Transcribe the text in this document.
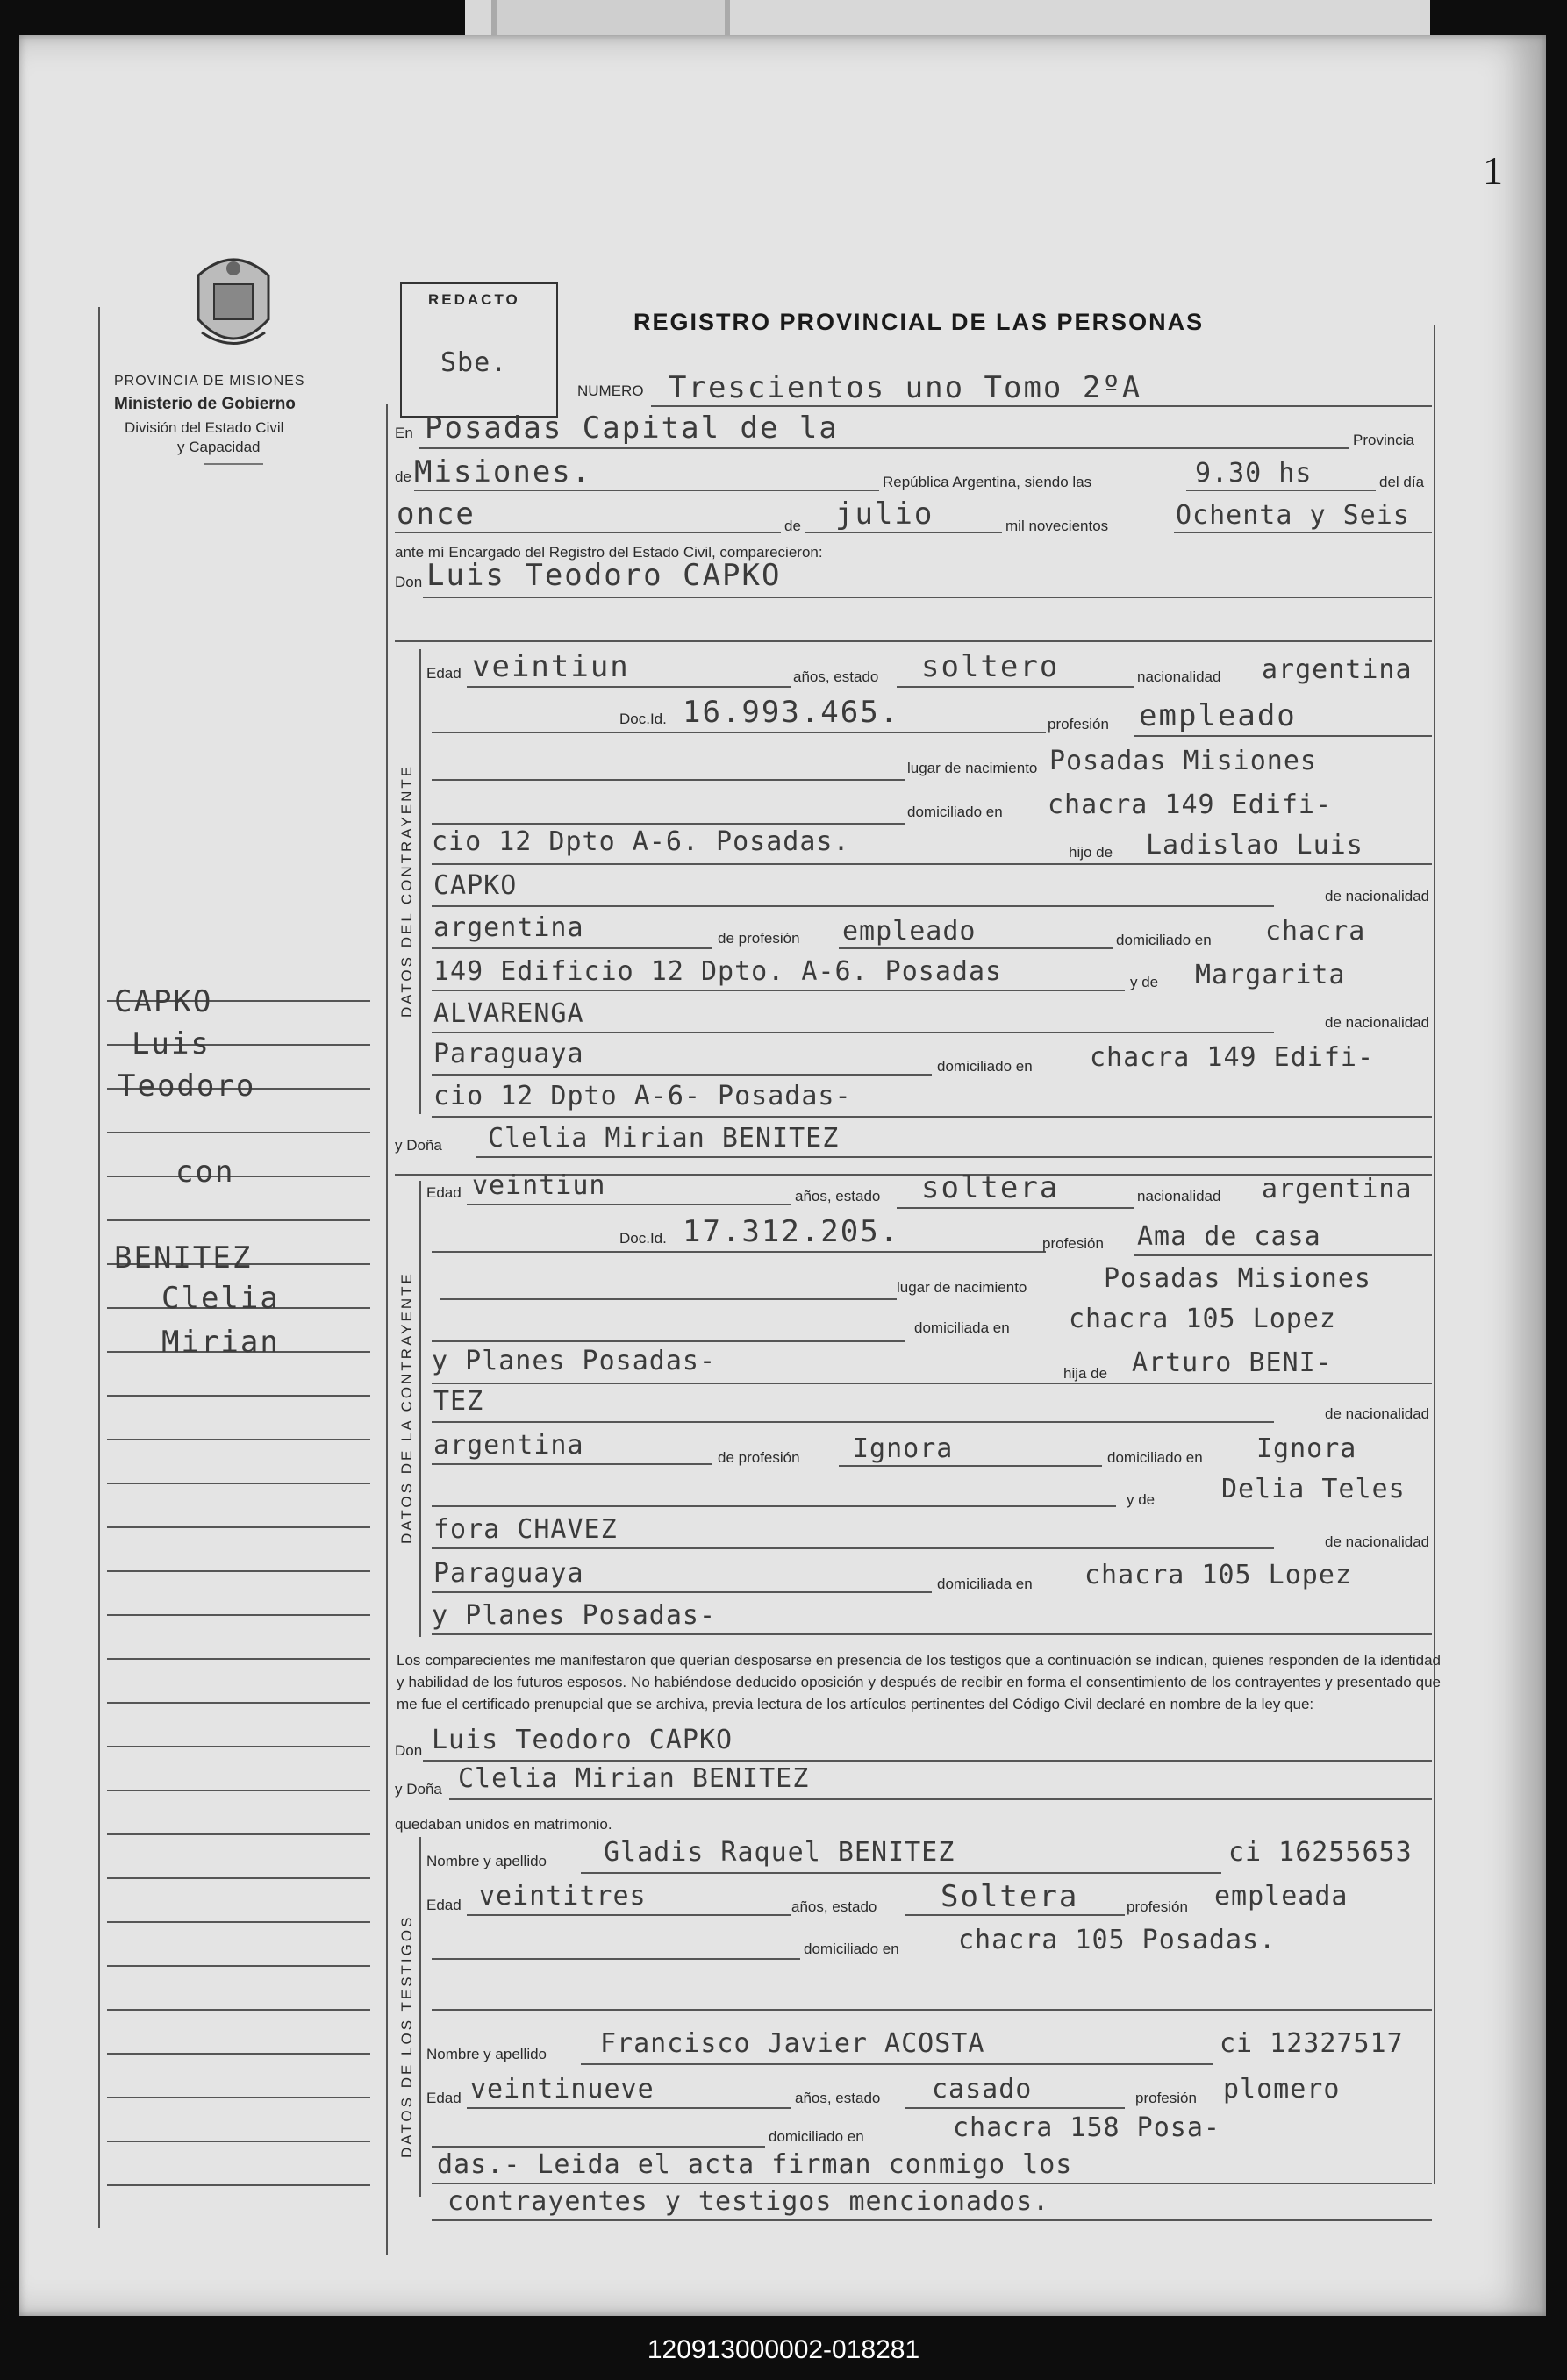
1
PROVINCIA DE MISIONES
Ministerio de Gobierno
División del Estado Civil
y Capacidad
CAPKO
Luis
Teodoro
con
BENITEZ
Clelia
Mirian
REDACTO
Sbe.
REGISTRO PROVINCIAL DE LAS PERSONAS
NUMERO Trescientos uno Tomo 2ºA
En Posadas Capital de la	Provincia
de Misiones.	República Argentina, siendo las	9.30 hs	del día
once	de julio	mil novecientos	Ochenta y Seis
ante mí Encargado del Registro del Estado Civil, comparecieron:
Don Luis Teodoro CAPKO
DATOS DEL CONTRAYENTE
Edad veintiun	años, estado soltero	nacionalidad argentina
Doc.Id. 16.993.465.	profesión empleado
lugar de nacimiento Posadas Misiones
domiciliado en chacra 149 Edifi-
cio 12 Dpto A-6. Posadas.	hijo de Ladislao Luis
CAPKO	de nacionalidad
argentina	de profesión empleado	domiciliado en chacra
149 Edificio 12 Dpto. A-6. Posadas	y de Margarita
ALVARENGA	de nacionalidad
Paraguaya	domiciliado en chacra 149 Edifi-
cio 12 Dpto A-6- Posadas-
y Doña Clelia Mirian BENITEZ
DATOS DE LA CONTRAYENTE
Edad veintiun	años, estado soltera	nacionalidad argentina
Doc.Id. 17.312.205.	profesión Ama de casa
lugar de nacimiento	Posadas Misiones
domiciliada en chacra 105 Lopez
y Planes Posadas-	hija de Arturo BENI-
TEZ	de nacionalidad
argentina	de profesión Ignora	domiciliado en Ignora
y de	Delia Teles
fora CHAVEZ	de nacionalidad
Paraguaya	domiciliada en chacra 105 Lopez
y Planes Posadas-
Los comparecientes me manifestaron que querían desposarse en presencia de los testigos que a continuación se indican, quienes responden de la identidad y habilidad de los futuros esposos. No habiéndose deducido oposición y después de recibir en forma el consentimiento de los contrayentes y presentado que me fue el certificado prenupcial que se archiva, previa lectura de los artículos pertinentes del Código Civil declaré en nombre de la ley que:
Don Luis Teodoro CAPKO
y Doña Clelia Mirian BENITEZ
quedaban unidos en matrimonio.
DATOS DE LOS TESTIGOS
Nombre y apellido Gladis Raquel BENITEZ	ci 16255653
Edad veintitres	años, estado Soltera	profesión empleada
domiciliado en chacra 105 Posadas.
Nombre y apellido Francisco Javier ACOSTA	ci 12327517
Edad veintinueve	años, estado casado	profesión plomero
domiciliado en	chacra 158 Posa-
das.- Leida el acta firman conmigo los
contrayentes y testigos mencionados.
120913000002-018281
